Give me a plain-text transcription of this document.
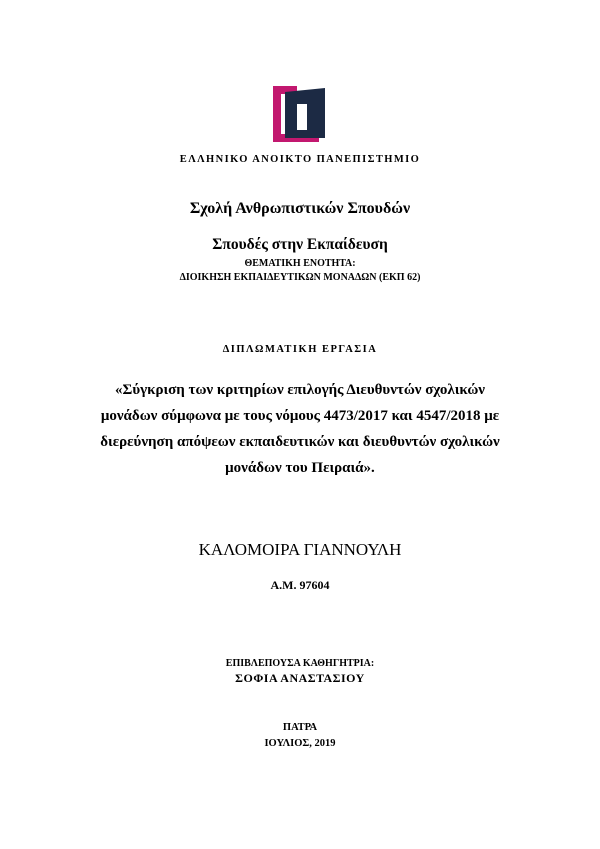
ΕΛΛΗΝΙΚΟ ΑΝΟΙΚΤΟ ΠΑΝΕΠΙΣΤΗΜΙΟ
Σχολή Ανθρωπιστικών Σπουδών
Σπουδές στην Εκπαίδευση
ΘΕΜΑΤΙΚΗ ΕΝΟΤΗΤΑ:
ΔΙΟΙΚΗΣΗ ΕΚΠΑΙΔΕΥΤΙΚΩΝ ΜΟΝΑΔΩΝ (ΕΚΠ 62)
ΔΙΠΛΩΜΑΤΙΚΗ ΕΡΓΑΣΙΑ
«Σύγκριση των κριτηρίων επιλογής Διευθυντών σχολικών
μονάδων σύμφωνα με τους νόμους 4473/2017 και 4547/2018 με
διερεύνηση απόψεων εκπαιδευτικών και διευθυντών σχολικών
μονάδων του Πειραιά».
ΚΑΛΟΜΟΙΡΑ ΓΙΑΝΝΟΥΛΗ
Α.Μ. 97604
ΕΠΙΒΛΕΠΟΥΣΑ ΚΑΘΗΓΗΤΡΙΑ:
ΣΟΦΙΑ ΑΝΑΣΤΑΣΙΟΥ
ΠΑΤΡΑ
ΙΟΥΛΙΟΣ, 2019
